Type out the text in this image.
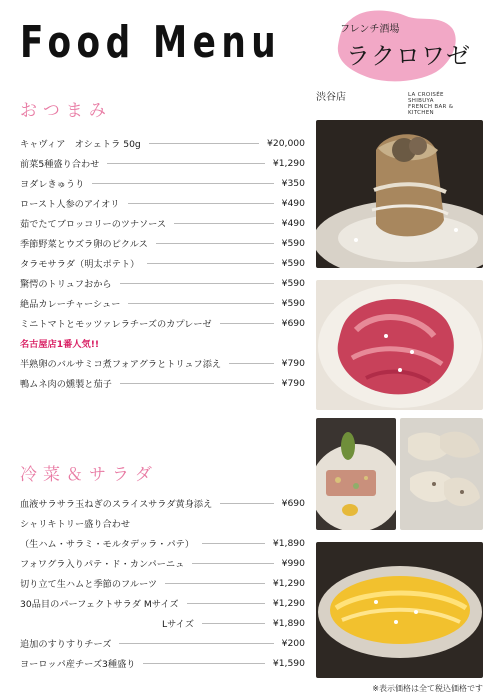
Food Menu	フレンチ酒場
ラクロワゼ
渋谷店	LA CROISÉE
SHIBUYA
FRENCH BAR &
KITCHEN
おつまみ
キャヴィア　オシェトラ 50g	¥20,000
前菜5種盛り合わせ	¥1,290
ヨダレきゅうり	¥350
ロースト人参のアイオリ	¥490
茹でたてブロッコリーのツナソース	¥490
季節野菜とウズラ卵のピクルス	¥590
タラモサラダ（明太ポテト）	¥590
驚愕のトリュフおから	¥590
絶品カレーチャーシュー	¥590
ミニトマトとモッツァレラチーズのカプレーゼ	¥690
名古屋店1番人気!!
半熟卵のバルサミコ煮フォアグラとトリュフ添え	¥790
鴨ムネ肉の燻製と茄子	¥790
冷菜＆サラダ
血液サラサラ玉ねぎのスライスサラダ黄身添え	¥690
シャリキトリー盛り合わせ
（生ハム・サラミ・モルタデッラ・パテ）	¥1,890
フォワグラ入りパテ・ド・カンパーニュ	¥990
切り立て生ハムと季節のフルーツ	¥1,290
30品目のパーフェクトサラダ Mサイズ	¥1,290
Lサイズ	¥1,890
追加のすりすりチーズ	¥200
ヨーロッパ産チーズ3種盛り	¥1,590
※表示価格は全て税込価格です
